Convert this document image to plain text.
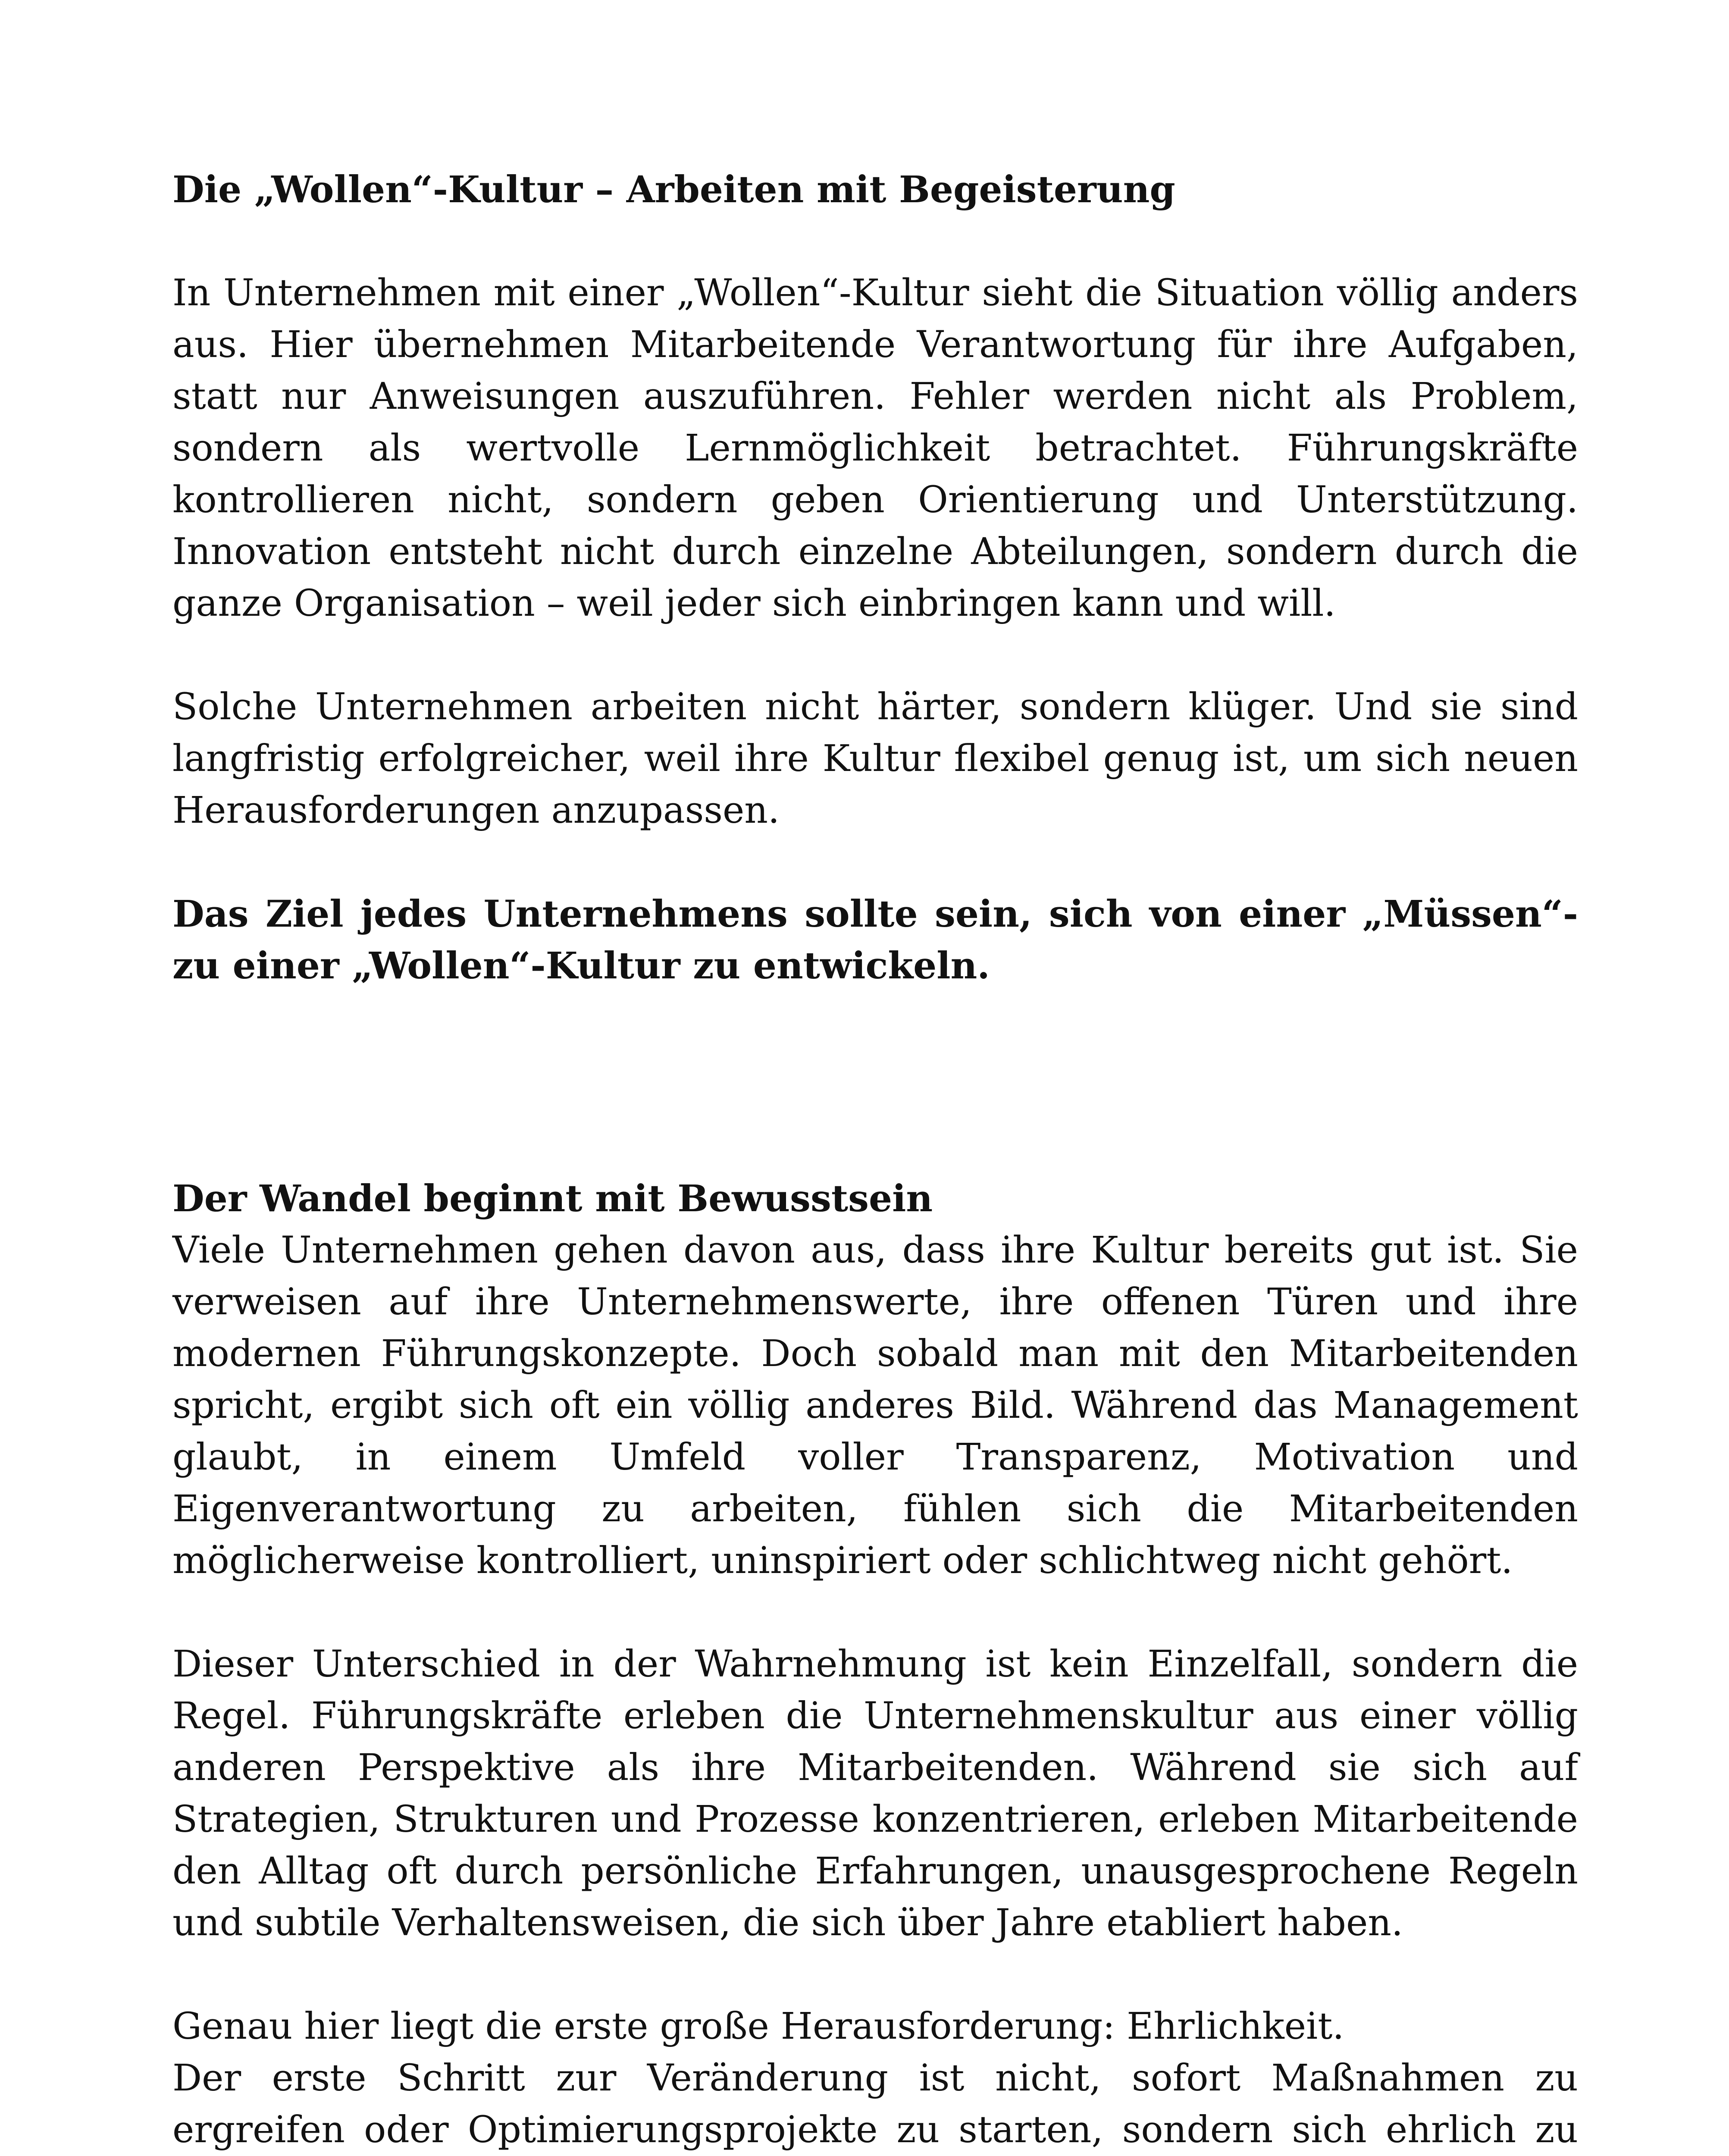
Die „Wollen“-Kultur – Arbeiten mit Begeisterung

In Unternehmen mit einer „Wollen“-Kultur sieht die Situation völlig anders aus. Hier übernehmen Mitarbeitende Verantwortung für ihre Aufgaben, statt nur Anweisungen auszuführen. Fehler werden nicht als Problem, sondern als wertvolle Lernmöglichkeit betrachtet. Führungskräfte kontrollieren nicht, sondern geben Orientierung und Unterstützung. Innovation entsteht nicht durch einzelne Abteilungen, sondern durch die ganze Organisation – weil jeder sich einbringen kann und will.

Solche Unternehmen arbeiten nicht härter, sondern klüger. Und sie sind langfristig erfolgreicher, weil ihre Kultur flexibel genug ist, um sich neuen Herausforderungen anzupassen.

Das Ziel jedes Unternehmens sollte sein, sich von einer „Müssen“- zu einer „Wollen“-Kultur zu entwickeln.

Der Wandel beginnt mit Bewusstsein

Viele Unternehmen gehen davon aus, dass ihre Kultur bereits gut ist. Sie verweisen auf ihre Unternehmenswerte, ihre offenen Türen und ihre modernen Führungskonzepte. Doch sobald man mit den Mitarbeitenden spricht, ergibt sich oft ein völlig anderes Bild. Während das Management glaubt, in einem Umfeld voller Transparenz, Motivation und Eigenverantwortung zu arbeiten, fühlen sich die Mitarbeitenden möglicherweise kontrolliert, uninspiriert oder schlichtweg nicht gehört.

Dieser Unterschied in der Wahrnehmung ist kein Einzelfall, sondern die Regel. Führungskräfte erleben die Unternehmenskultur aus einer völlig anderen Perspektive als ihre Mitarbeitenden. Während sie sich auf Strategien, Strukturen und Prozesse konzentrieren, erleben Mitarbeitende den Alltag oft durch persönliche Erfahrungen, unausgesprochene Regeln und subtile Verhaltensweisen, die sich über Jahre etabliert haben.

Genau hier liegt die erste große Herausforderung: Ehrlichkeit.

Der erste Schritt zur Veränderung ist nicht, sofort Maßnahmen zu ergreifen oder Optimierungsprojekte zu starten, sondern sich ehrlich zu
